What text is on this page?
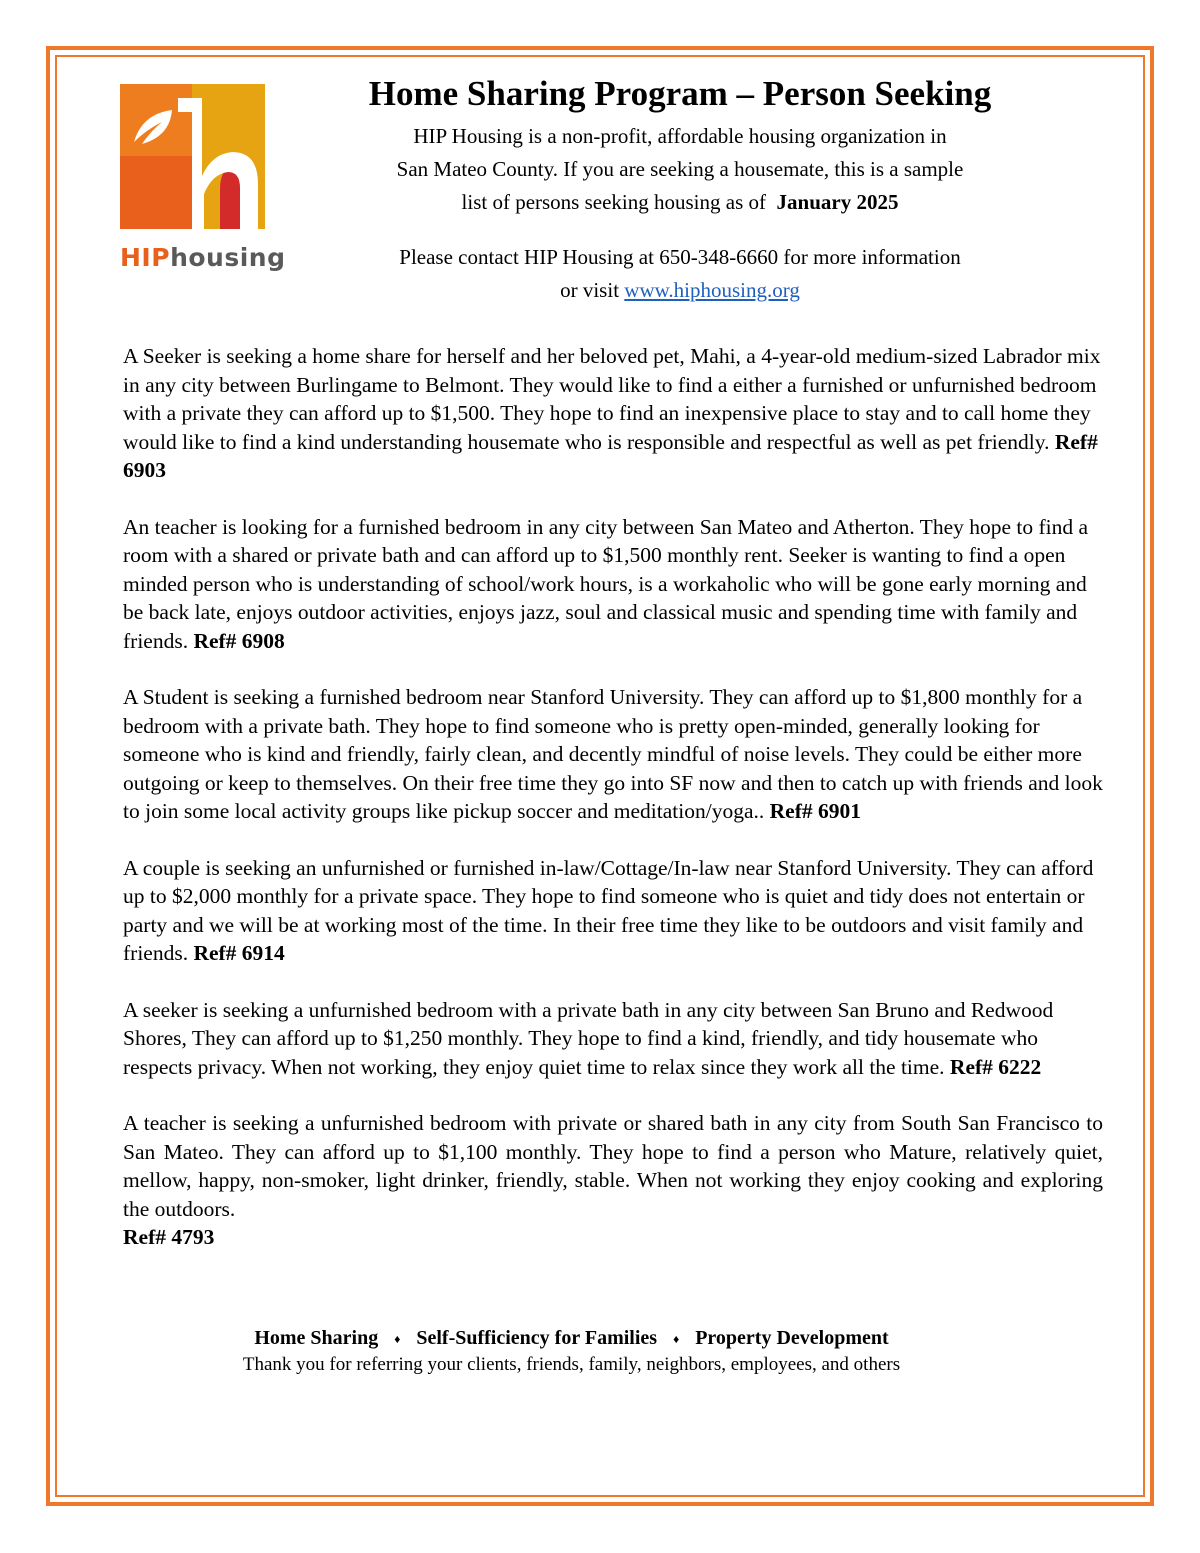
HIPhousing
Home Sharing Program – Person Seeking
HIP Housing is a non-profit, affordable housing organization in
San Mateo County. If you are seeking a housemate, this is a sample
list of persons seeking housing as of January 2025
Please contact HIP Housing at 650-348-6660 for more information
or visit www.hiphousing.org

A Seeker is seeking a home share for herself and her beloved pet, Mahi, a 4-year-old medium-sized Labrador mix in any city between Burlingame to Belmont. They would like to find a either a furnished or unfurnished bedroom with a private they can afford up to $1,500. They hope to find an inexpensive place to stay and to call home they would like to find a kind understanding housemate who is responsible and respectful as well as pet friendly. Ref# 6903

An teacher is looking for a furnished bedroom in any city between San Mateo and Atherton. They hope to find a room with a shared or private bath and can afford up to $1,500 monthly rent. Seeker is wanting to find a open minded person who is understanding of school/work hours, is a workaholic who will be gone early morning and be back late, enjoys outdoor activities, enjoys jazz, soul and classical music and spending time with family and friends. Ref# 6908

A Student is seeking a furnished bedroom near Stanford University. They can afford up to $1,800 monthly for a bedroom with a private bath. They hope to find someone who is pretty open-minded, generally looking for someone who is kind and friendly, fairly clean, and decently mindful of noise levels. They could be either more outgoing or keep to themselves. On their free time they go into SF now and then to catch up with friends and look to join some local activity groups like pickup soccer and meditation/yoga.. Ref# 6901

A couple is seeking an unfurnished or furnished in-law/Cottage/In-law near Stanford University. They can afford up to $2,000 monthly for a private space. They hope to find someone who is quiet and tidy does not entertain or party and we will be at working most of the time. In their free time they like to be outdoors and visit family and friends. Ref# 6914

A seeker is seeking a unfurnished bedroom with a private bath in any city between San Bruno and Redwood Shores, They can afford up to $1,250 monthly. They hope to find a kind, friendly, and tidy housemate who respects privacy. When not working, they enjoy quiet time to relax since they work all the time. Ref# 6222

A teacher is seeking a unfurnished bedroom with private or shared bath in any city from South San Francisco to San Mateo. They can afford up to $1,100 monthly. They hope to find a person who Mature, relatively quiet, mellow, happy, non-smoker, light drinker, friendly, stable. When not working they enjoy cooking and exploring the outdoors.
Ref# 4793

Home Sharing ♦ Self-Sufficiency for Families ♦ Property Development
Thank you for referring your clients, friends, family, neighbors, employees, and others
